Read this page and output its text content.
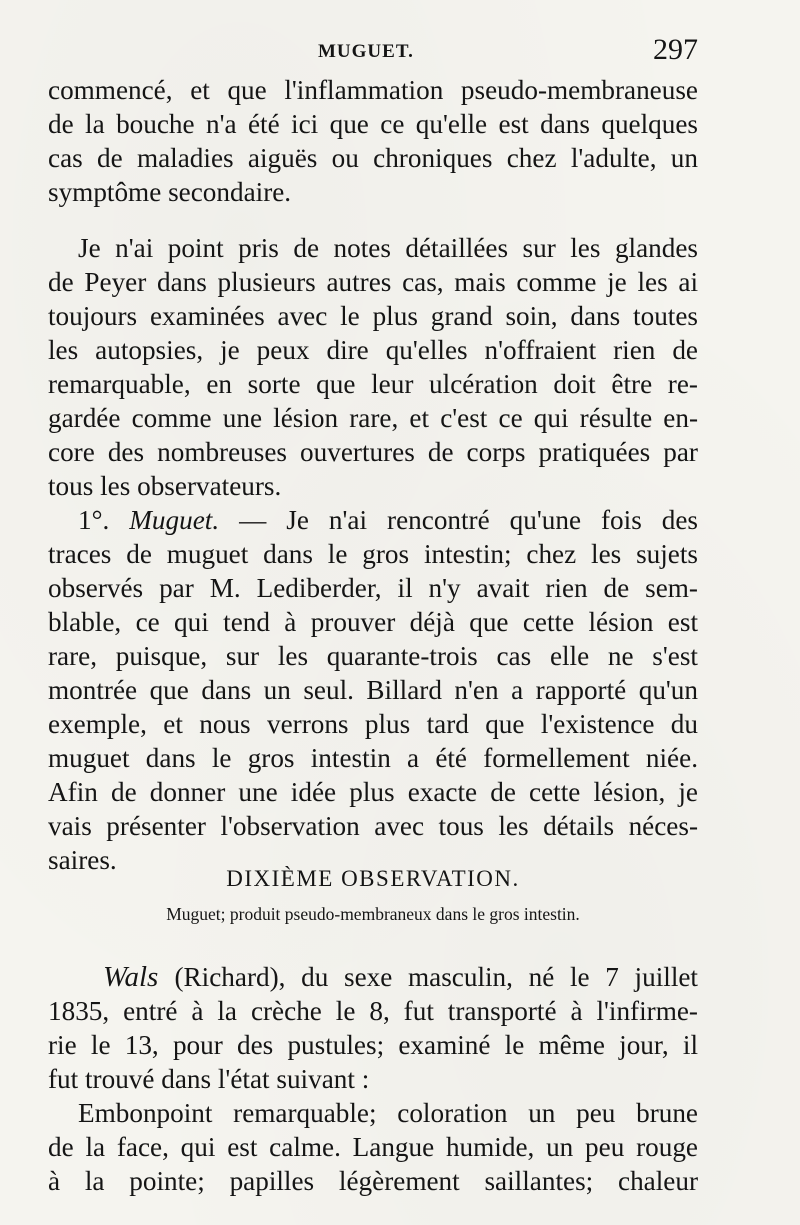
MUGUET.	297
commencé, et que l'inflammation pseudo-membraneuse
de la bouche n'a été ici que ce qu'elle est dans quelques
cas de maladies aiguës ou chroniques chez l'adulte, un
symptôme secondaire.
Je n'ai point pris de notes détaillées sur les glandes
de Peyer dans plusieurs autres cas, mais comme je les ai
toujours examinées avec le plus grand soin, dans toutes
les autopsies, je peux dire qu'elles n'offraient rien de
remarquable, en sorte que leur ulcération doit être re-
gardée comme une lésion rare, et c'est ce qui résulte en-
core des nombreuses ouvertures de corps pratiquées par
tous les observateurs.
1°. Muguet. — Je n'ai rencontré qu'une fois des
traces de muguet dans le gros intestin; chez les sujets
observés par M. Lediberder, il n'y avait rien de sem-
blable, ce qui tend à prouver déjà que cette lésion est
rare, puisque, sur les quarante-trois cas elle ne s'est
montrée que dans un seul. Billard n'en a rapporté qu'un
exemple, et nous verrons plus tard que l'existence du
muguet dans le gros intestin a été formellement niée.
Afin de donner une idée plus exacte de cette lésion, je
vais présenter l'observation avec tous les détails néces-
saires.
DIXIÈME OBSERVATION.
Muguet; produit pseudo-membraneux dans le gros intestin.
Wals (Richard), du sexe masculin, né le 7 juillet
1835, entré à la crèche le 8, fut transporté à l'infirme-
rie le 13, pour des pustules; examiné le même jour, il
fut trouvé dans l'état suivant :
Embonpoint remarquable; coloration un peu brune
de la face, qui est calme. Langue humide, un peu rouge
à la pointe; papilles légèrement saillantes; chaleur
